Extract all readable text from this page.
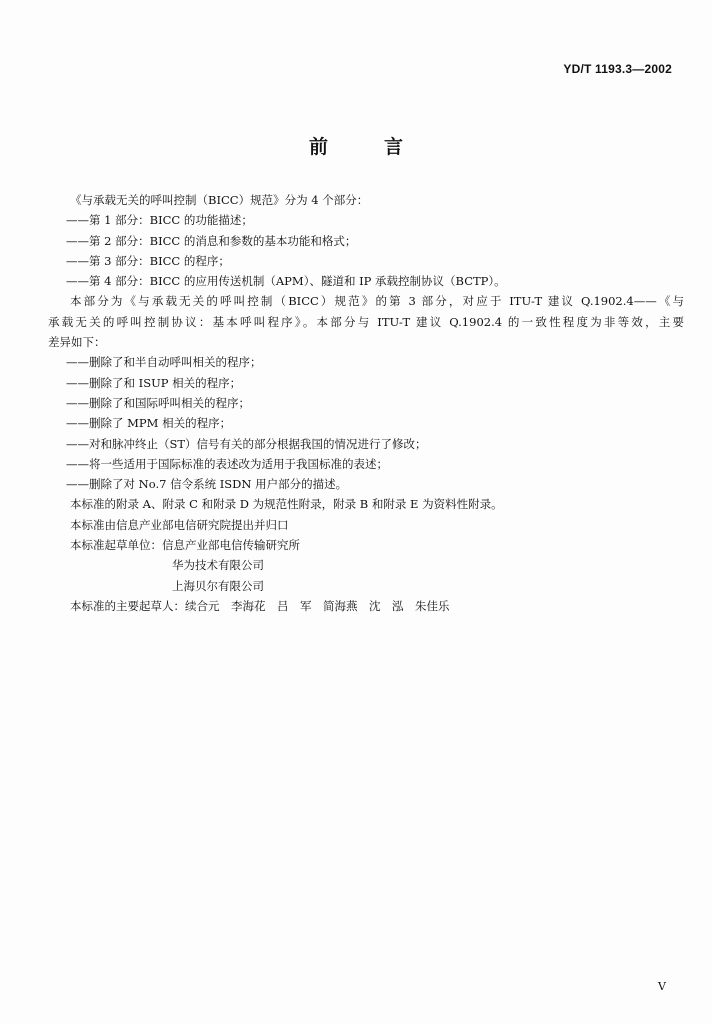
YD/T 1193.3—2002
前言
《与承载无关的呼叫控制（BICC）规范》分为 4 个部分：
——第 1 部分：BICC 的功能描述；
——第 2 部分：BICC 的消息和参数的基本功能和格式；
——第 3 部分：BICC 的程序；
——第 4 部分：BICC 的应用传送机制（APM）、隧道和 IP 承载控制协议（BCTP）。
本部分为《与承载无关的呼叫控制（BICC）规范》的第 3 部分，对应于 ITU-T 建议 Q.1902.4——《与
承载无关的呼叫控制协议：基本呼叫程序》。本部分与 ITU-T 建议 Q.1902.4 的一致性程度为非等效，主要
差异如下：
——删除了和半自动呼叫相关的程序；
——删除了和 ISUP 相关的程序；
——删除了和国际呼叫相关的程序；
——删除了 MPM 相关的程序；
——对和脉冲终止（ST）信号有关的部分根据我国的情况进行了修改；
——将一些适用于国际标准的表述改为适用于我国标准的表述；
——删除了对 No.7 信令系统 ISDN 用户部分的描述。
本标准的附录 A、附录 C 和附录 D 为规范性附录，附录 B 和附录 E 为资料性附录。
本标准由信息产业部电信研究院提出并归口
本标准起草单位：信息产业部电信传输研究所
华为技术有限公司
上海贝尔有限公司
本标准的主要起草人：续合元　李海花　吕　军　简海燕　沈　泓　朱佳乐
V
